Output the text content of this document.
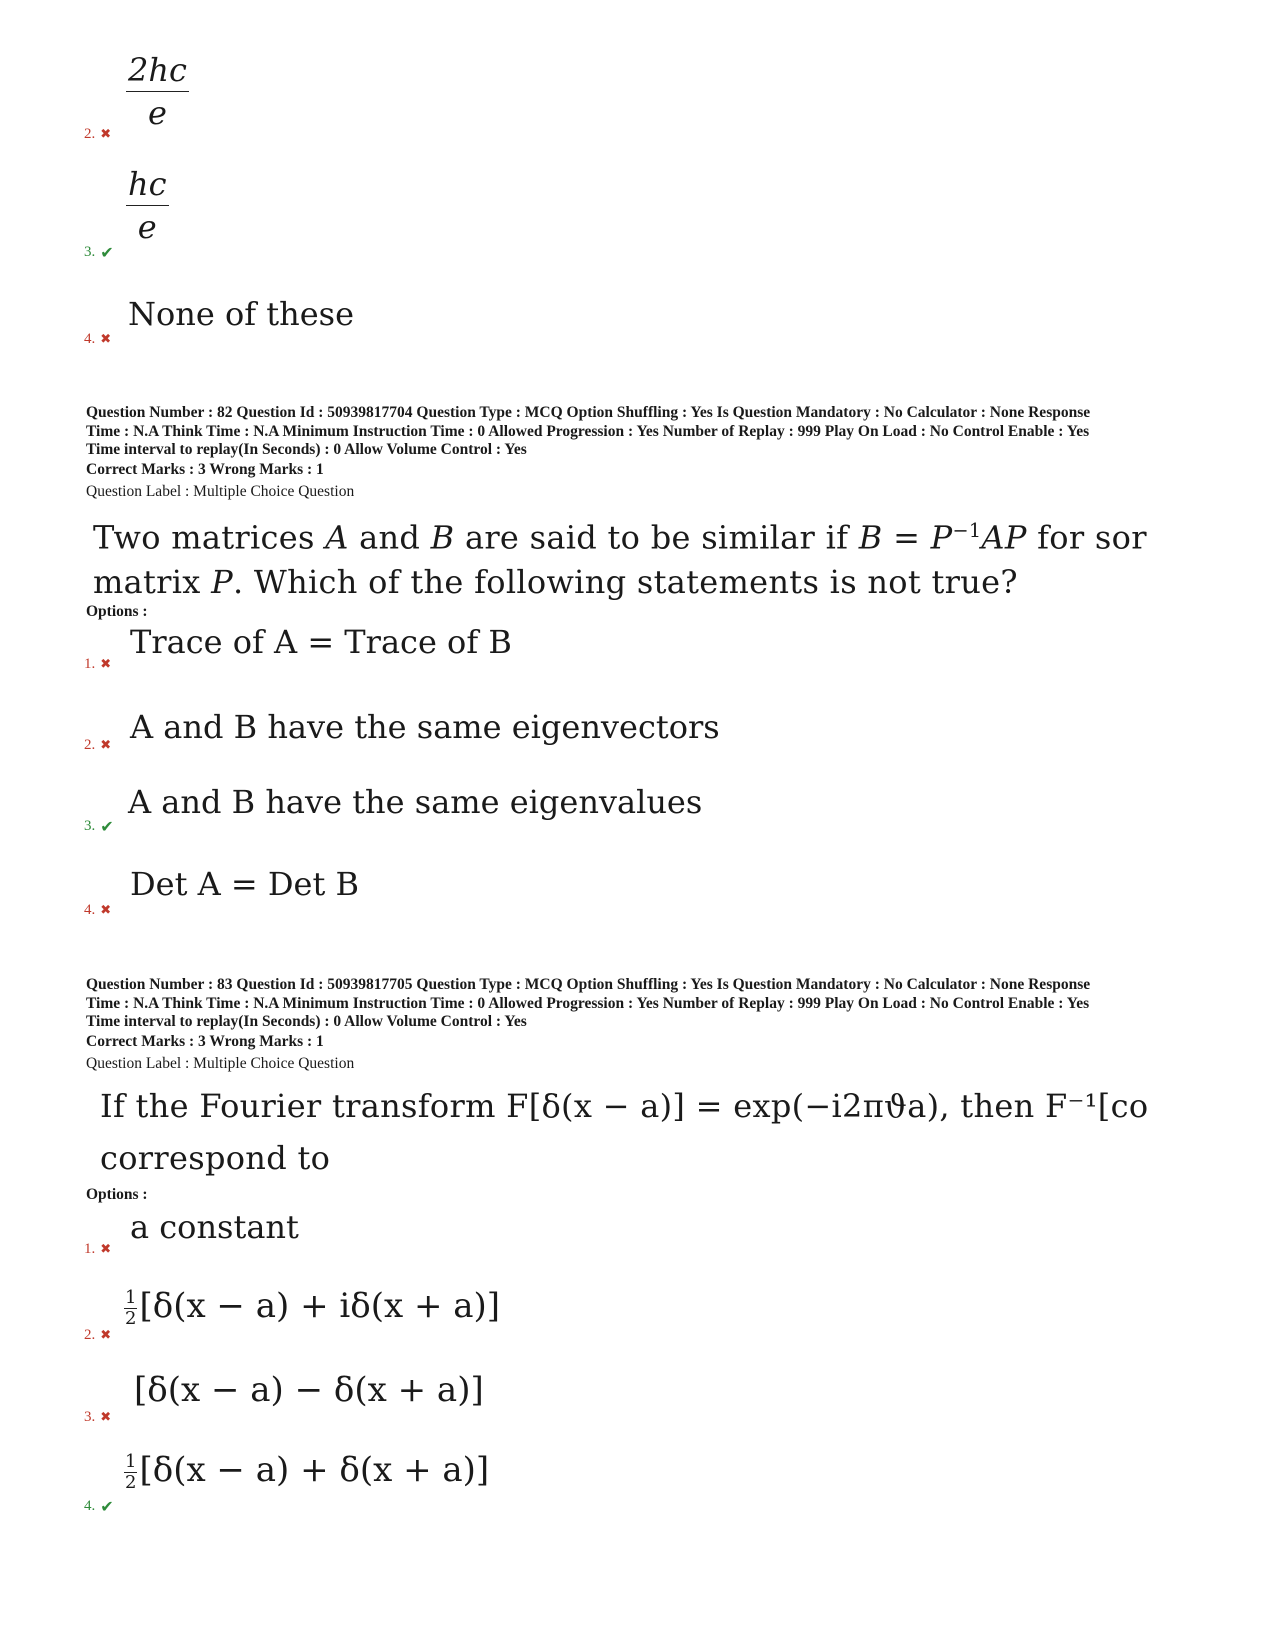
$\frac{2hc}{e}$
2. ✖
$\frac{hc}{e}$
3. ✔
None of these
4. ✖
Question Number : 82 Question Id : 50939817704 Question Type : MCQ Option Shuffling : Yes Is Question Mandatory : No Calculator : None Response
Time : N.A Think Time : N.A Minimum Instruction Time : 0 Allowed Progression : Yes Number of Replay : 999 Play On Load : No Control Enable : Yes
Time interval to replay(In Seconds) : 0 Allow Volume Control : Yes
Correct Marks : 3 Wrong Marks : 1
Question Label : Multiple Choice Question
Two matrices A and B are said to be similar if $B = P^{-1}AP$ for sor
matrix P. Which of the following statements is not true?
Options :
Trace of A = Trace of B
1. ✖
A and B have the same eigenvectors
2. ✖
A and B have the same eigenvalues
3. ✔
Det A = Det B
4. ✖
Question Number : 83 Question Id : 50939817705 Question Type : MCQ Option Shuffling : Yes Is Question Mandatory : No Calculator : None Response
Time : N.A Think Time : N.A Minimum Instruction Time : 0 Allowed Progression : Yes Number of Replay : 999 Play On Load : No Control Enable : Yes
Time interval to replay(In Seconds) : 0 Allow Volume Control : Yes
Correct Marks : 3 Wrong Marks : 1
Question Label : Multiple Choice Question
If the Fourier transform F[δ(x − a)] = exp(−i2πϑa), then F⁻¹[co
correspond to
Options :
a constant
1. ✖
$\frac{1}{2} [\delta(x - a) + i\delta(x + a)]$
2. ✖
[δ(x − a) − δ(x + a)]
3. ✖
$\frac{1}{2} [\delta(x - a) + \delta(x + a)]$
4. ✔
